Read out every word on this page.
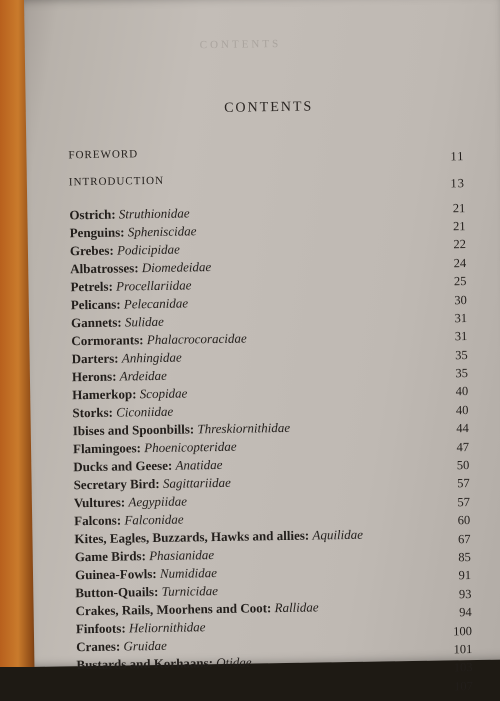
CONTENTS
CONTENTS
FOREWORD	11
INTRODUCTION	13
Ostrich: Struthionidae	21
Penguins: Spheniscidae	21
Grebes: Podicipidae	22
Albatrosses: Diomedeidae	24
Petrels: Procellariidae	25
Pelicans: Pelecanidae	30
Gannets: Sulidae	31
Cormorants: Phalacrocoracidae	31
Darters: Anhingidae	35
Herons: Ardeidae	35
Hamerkop: Scopidae	40
Storks: Ciconiidae	40
Ibises and Spoonbills: Threskiornithidae	44
Flamingoes: Phoenicopteridae	47
Ducks and Geese: Anatidae	50
Secretary Bird: Sagittariidae	57
Vultures: Aegypiidae	57
Falcons: Falconidae	60
Kites, Eagles, Buzzards, Hawks and allies: Aquilidae	67
Game Birds: Phasianidae	85
Guinea-Fowls: Numididae	91
Button-Quails: Turnicidae	93
Crakes, Rails, Moorhens and Coot: Rallidae	94
Finfoots: Heliornithidae	100
Cranes: Gruidae	101
Bustards and Korhaans: Otidae	103
107
